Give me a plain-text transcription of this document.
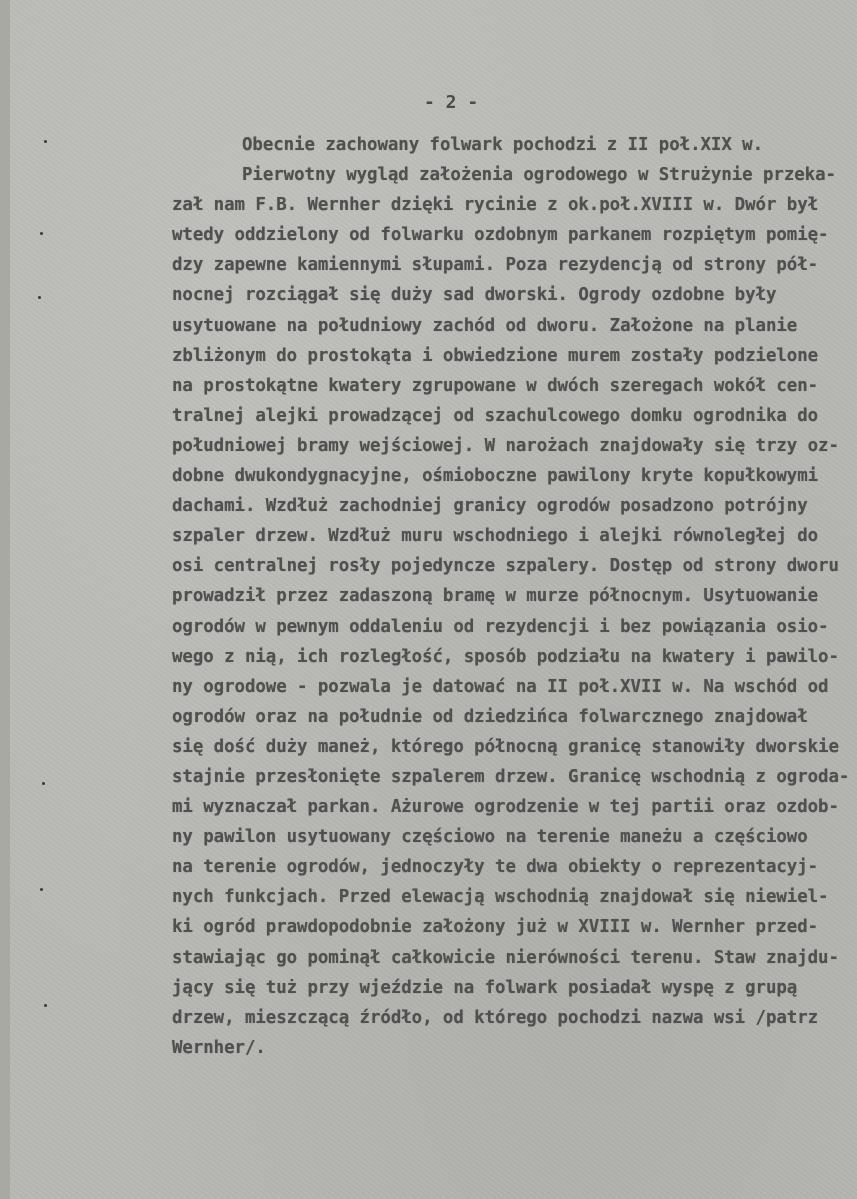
- 2 -
Obecnie zachowany folwark pochodzi z II poł.XIX w.
Pierwotny wygląd założenia ogrodowego w Strużynie przeka-
zał nam F.B. Wernher dzięki rycinie z ok.poł.XVIII w. Dwór był
wtedy oddzielony od folwarku ozdobnym parkanem rozpiętym pomię-
dzy zapewne kamiennymi słupami. Poza rezydencją od strony pół-
nocnej rozciągał się duży sad dworski. Ogrody ozdobne były
usytuowane na południowy zachód od dworu. Założone na planie
zbliżonym do prostokąta i obwiedzione murem zostały podzielone
na prostokątne kwatery zgrupowane w dwóch szeregach wokół cen-
tralnej alejki prowadzącej od szachulcowego domku ogrodnika do
południowej bramy wejściowej. W narożach znajdowały się trzy oz-
dobne dwukondygnacyjne, ośmioboczne pawilony kryte kopułkowymi
dachami. Wzdłuż zachodniej granicy ogrodów posadzono potrójny
szpaler drzew. Wzdłuż muru wschodniego i alejki równoległej do
osi centralnej rosły pojedyncze szpalery. Dostęp od strony dworu
prowadził przez zadaszoną bramę w murze północnym. Usytuowanie
ogrodów w pewnym oddaleniu od rezydencji i bez powiązania osio-
wego z nią, ich rozległość, sposób podziału na kwatery i pawilo-
ny ogrodowe - pozwala je datować na II poł.XVII w. Na wschód od
ogrodów oraz na południe od dziedzińca folwarcznego znajdował
się dość duży maneż, którego północną granicę stanowiły dworskie
stajnie przesłonięte szpalerem drzew. Granicę wschodnią z ogroda-
mi wyznaczał parkan. Ażurowe ogrodzenie w tej partii oraz ozdob-
ny pawilon usytuowany częściowo na terenie maneżu a częściowo
na terenie ogrodów, jednoczyły te dwa obiekty o reprezentacyj-
nych funkcjach. Przed elewacją wschodnią znajdował się niewiel-
ki ogród prawdopodobnie założony już w XVIII w. Wernher przed-
stawiając go pominął całkowicie nierówności terenu. Staw znajdu-
jący się tuż przy wjeździe na folwark posiadał wyspę z grupą
drzew, mieszczącą źródło, od którego pochodzi nazwa wsi /patrz
Wernher/.
